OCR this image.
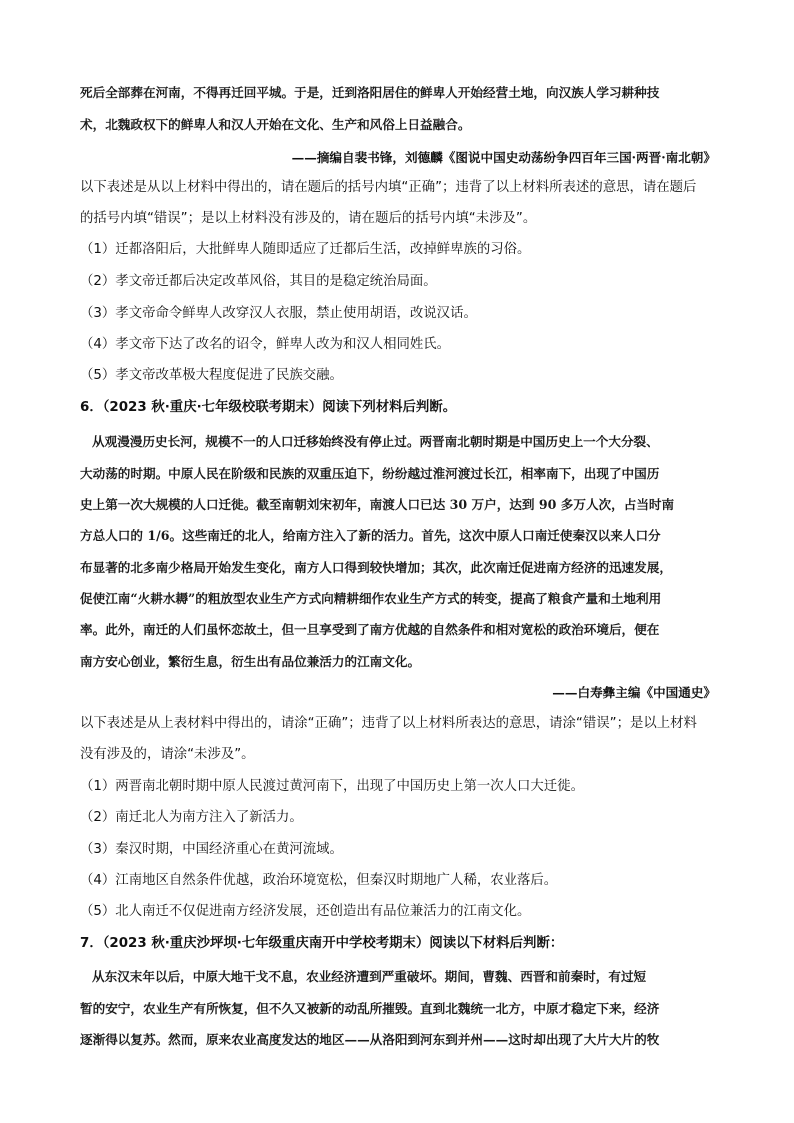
死后全部葬在河南，不得再迁回平城。于是，迁到洛阳居住的鲜卑人开始经营土地，向汉族人学习耕种技
术，北魏政权下的鲜卑人和汉人开始在文化、生产和风俗上日益融合。
——摘编自裴书锋，刘德麟《图说中国史动荡纷争四百年三国·两晋·南北朝》
以下表述是从以上材料中得出的，请在题后的括号内填“正确”；违背了以上材料所表述的意思，请在题后
的括号内填“错误”；是以上材料没有涉及的，请在题后的括号内填“未涉及”。
（1）迁都洛阳后，大批鲜卑人随即适应了迁都后生活，改掉鲜卑族的习俗。
（2）孝文帝迁都后决定改革风俗，其目的是稳定统治局面。
（3）孝文帝命令鲜卑人改穿汉人衣服，禁止使用胡语，改说汉话。
（4）孝文帝下达了改名的诏令，鲜卑人改为和汉人相同姓氏。
（5）孝文帝改革极大程度促进了民族交融。
6．（2023 秋·重庆·七年级校联考期末）阅读下列材料后判断。
从观漫漫历史长河，规模不一的人口迁移始终没有停止过。两晋南北朝时期是中国历史上一个大分裂、
大动荡的时期。中原人民在阶级和民族的双重压迫下，纷纷越过淮河渡过长江，相率南下，出现了中国历
史上第一次大规模的人口迁徙。截至南朝刘宋初年，南渡人口已达 30 万户，达到 90 多万人次，占当时南
方总人口的 1/6。这些南迁的北人，给南方注入了新的活力。首先，这次中原人口南迁使秦汉以来人口分
布显著的北多南少格局开始发生变化，南方人口得到较快增加；其次，此次南迁促进南方经济的迅速发展，
促使江南“火耕水耨”的粗放型农业生产方式向精耕细作农业生产方式的转变，提高了粮食产量和土地利用
率。此外，南迁的人们虽怀恋故土，但一旦享受到了南方优越的自然条件和相对宽松的政治环境后，便在
南方安心创业，繁衍生息，衍生出有品位兼活力的江南文化。
——白寿彝主编《中国通史》
以下表述是从上表材料中得出的，请涂“正确”；违背了以上材料所表达的意思，请涂“错误”；是以上材料
没有涉及的，请涂“未涉及”。
（1）两晋南北朝时期中原人民渡过黄河南下，出现了中国历史上第一次人口大迁徙。
（2）南迁北人为南方注入了新活力。
（3）秦汉时期，中国经济重心在黄河流域。
（4）江南地区自然条件优越，政治环境宽松，但秦汉时期地广人稀，农业落后。
（5）北人南迁不仅促进南方经济发展，还创造出有品位兼活力的江南文化。
7．（2023 秋·重庆沙坪坝·七年级重庆南开中学校考期末）阅读以下材料后判断：
从东汉末年以后，中原大地干戈不息，农业经济遭到严重破坏。期间，曹魏、西晋和前秦时，有过短
暂的安宁，农业生产有所恢复，但不久又被新的动乱所摧毁。直到北魏统一北方，中原才稳定下来，经济
逐渐得以复苏。然而，原来农业高度发达的地区——从洛阳到河东到并州——这时却出现了大片大片的牧
